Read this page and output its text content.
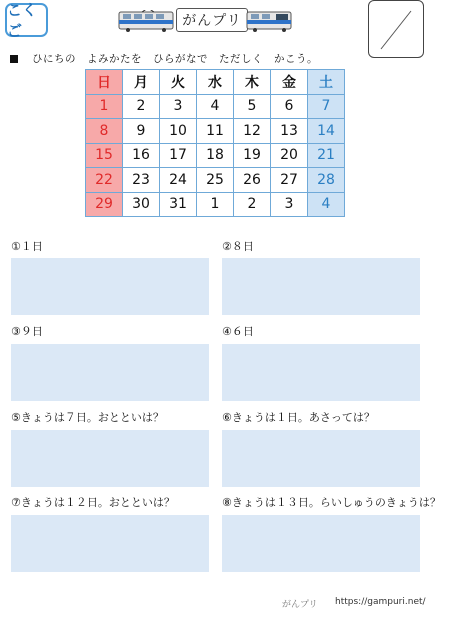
こくご
がんプリ
ひにちの　よみかたを　ひらがなで　ただしく　かこう。
日	月	火	水	木	金	土
1	2	3	4	5	6	7
8	9	10	11	12	13	14
15	16	17	18	19	20	21
22	23	24	25	26	27	28
29	30	31	1	2	3	4
①１日	②８日
③９日	④６日
⑤きょうは７日。おとといは？	⑥きょうは１日。あさっては？
⑦きょうは１２日。おとといは？	⑧きょうは１３日。らいしゅうのきょうは？
がんプリ https://gampuri.net/
